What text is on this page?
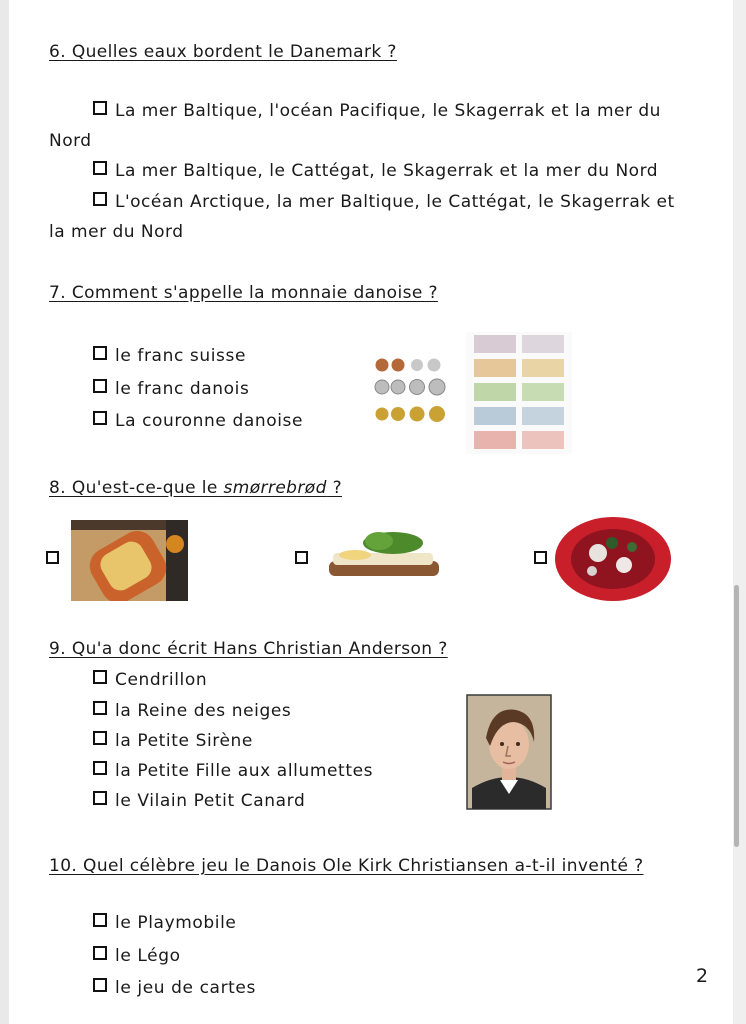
6. Quelles eaux bordent le Danemark ?
La mer Baltique, l'océan Pacifique, le Skagerrak et la mer du
Nord
La mer Baltique, le Cattégat, le Skagerrak et la mer du Nord
L'océan Arctique, la mer Baltique, le Cattégat, le Skagerrak et
la mer du Nord
7. Comment s'appelle la monnaie danoise ?
le franc suisse
le franc danois
La couronne danoise
8. Qu'est-ce-que le smørrebrød ?
9. Qu'a donc écrit Hans Christian Anderson ?
Cendrillon
la Reine des neiges
la Petite Sirène
la Petite Fille aux allumettes
le Vilain Petit Canard
10. Quel célèbre jeu le Danois Ole Kirk Christiansen a-t-il inventé ?
le Playmobile
le Légo
le jeu de cartes
2
